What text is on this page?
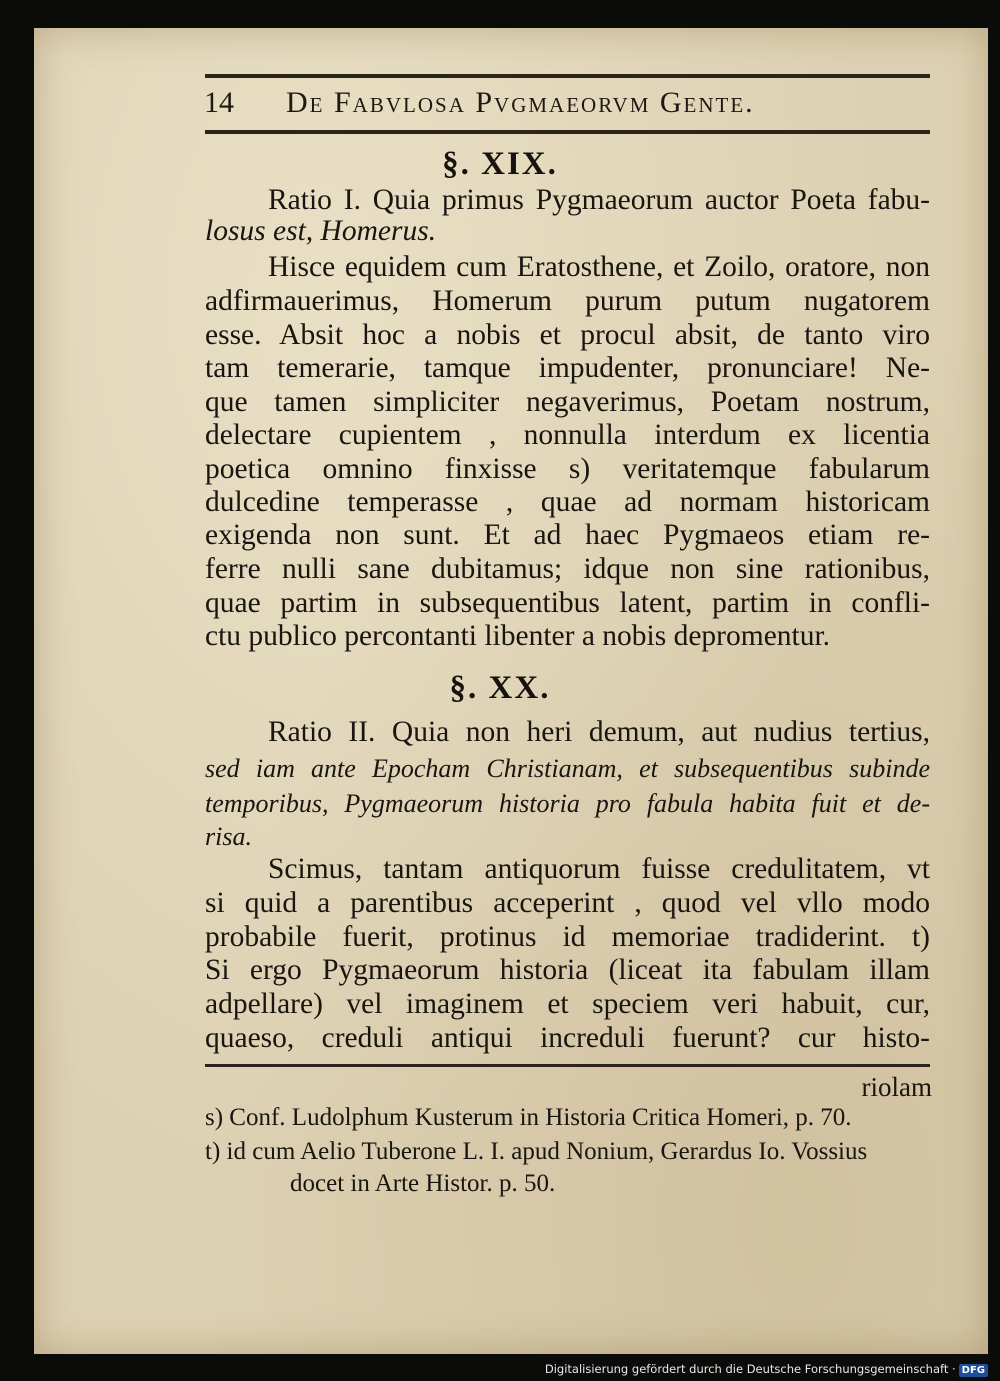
14 De Fabvlosa Pvgmaeorvm Gente.
§. XIX.
Ratio I. Quia primus Pygmaeorum auctor Poeta fabu-
losus est, Homerus.
Hisce equidem cum Eratosthene, et Zoilo, oratore, non
adfirmauerimus, Homerum purum putum nugatorem
esse. Absit hoc a nobis et procul absit, de tanto viro
tam temerarie, tamque impudenter, pronunciare! Ne-
que tamen simpliciter negaverimus, Poetam nostrum,
delectare cupientem , nonnulla interdum ex licentia
poetica omnino finxisse s) veritatemque fabularum
dulcedine temperasse , quae ad normam historicam
exigenda non sunt. Et ad haec Pygmaeos etiam re-
ferre nulli sane dubitamus; idque non sine rationibus,
quae partim in subsequentibus latent, partim in confli-
ctu publico percontanti libenter a nobis depromentur.
§. XX.
Ratio II. Quia non heri demum, aut nudius tertius,
sed iam ante Epocham Christianam, et subsequentibus subinde
temporibus, Pygmaeorum historia pro fabula habita fuit et de-
risa.
Scimus, tantam antiquorum fuisse credulitatem, vt
si quid a parentibus acceperint , quod vel vllo modo
probabile fuerit, protinus id memoriae tradiderint. t)
Si ergo Pygmaeorum historia (liceat ita fabulam illam
adpellare) vel imaginem et speciem veri habuit, cur,
quaeso, creduli antiqui increduli fuerunt? cur histo-
riolam
s) Conf. Ludolphum Kusterum in Historia Critica Homeri, p. 70.
t) id cum Aelio Tuberone L. I. apud Nonium, Gerardus Io. Vossius
docet in Arte Histor. p. 50.
Digitalisierung gefördert durch die Deutsche Forschungsgemeinschaft · DFG
